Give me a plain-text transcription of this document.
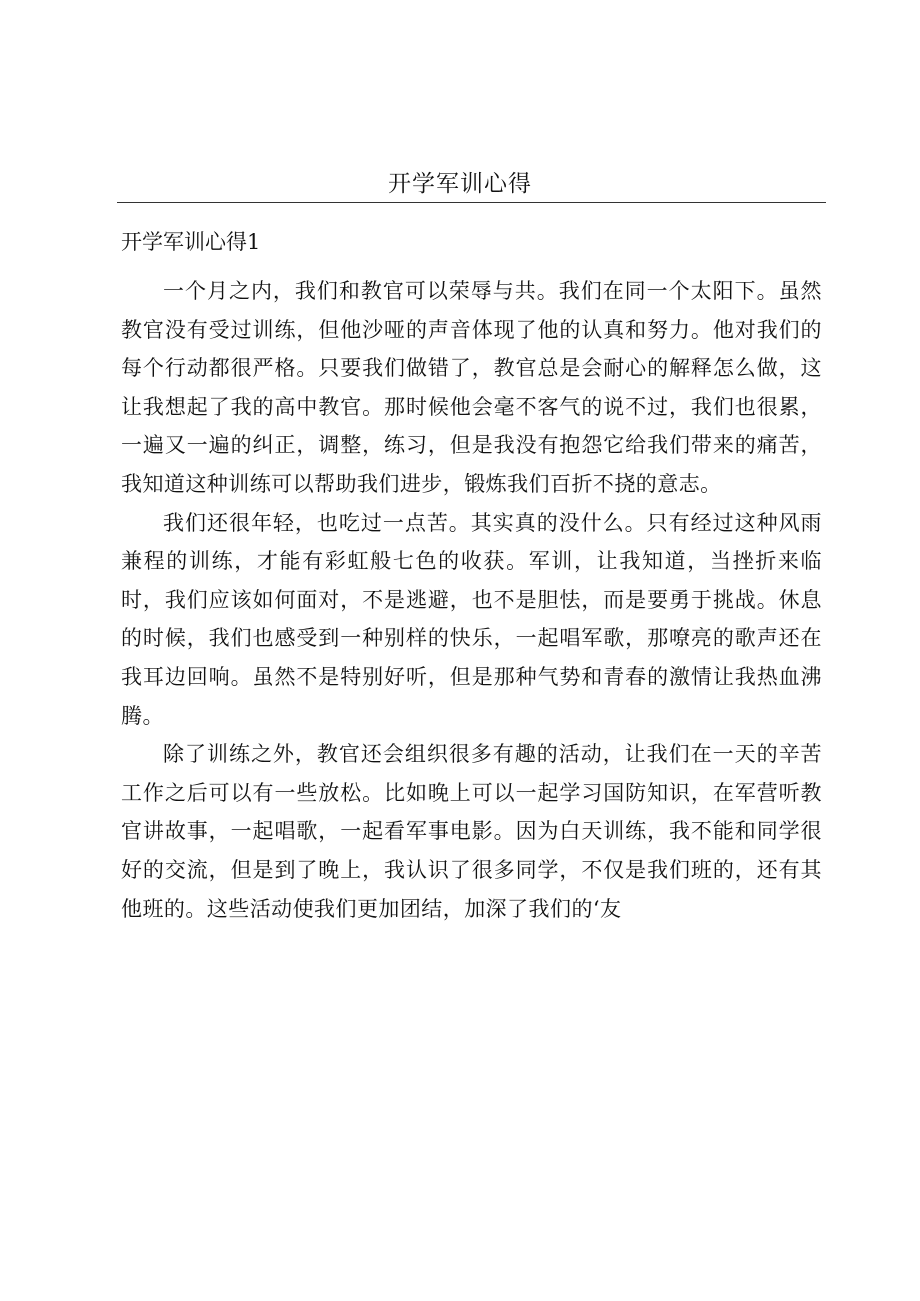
开学军训心得
开学军训心得1

一个月之内，我们和教官可以荣辱与共。我们在同一个太阳下。虽然教官没有受过训练，但他沙哑的声音体现了他的认真和努力。他对我们的每个行动都很严格。只要我们做错了，教官总是会耐心的解释怎么做，这让我想起了我的高中教官。那时候他会毫不客气的说不过，我们也很累，一遍又一遍的纠正，调整，练习，但是我没有抱怨它给我们带来的痛苦，我知道这种训练可以帮助我们进步，锻炼我们百折不挠的意志。

我们还很年轻，也吃过一点苦。其实真的没什么。只有经过这种风雨兼程的训练，才能有彩虹般七色的收获。军训，让我知道，当挫折来临时，我们应该如何面对，不是逃避，也不是胆怯，而是要勇于挑战。休息的时候，我们也感受到一种别样的快乐，一起唱军歌，那嘹亮的歌声还在我耳边回响。虽然不是特别好听，但是那种气势和青春的激情让我热血沸腾。

除了训练之外，教官还会组织很多有趣的活动，让我们在一天的辛苦工作之后可以有一些放松。比如晚上可以一起学习国防知识，在军营听教官讲故事，一起唱歌，一起看军事电影。因为白天训练，我不能和同学很好的交流，但是到了晚上，我认识了很多同学，不仅是我们班的，还有其他班的。这些活动使我们更加团结，加深了我们的‘友
